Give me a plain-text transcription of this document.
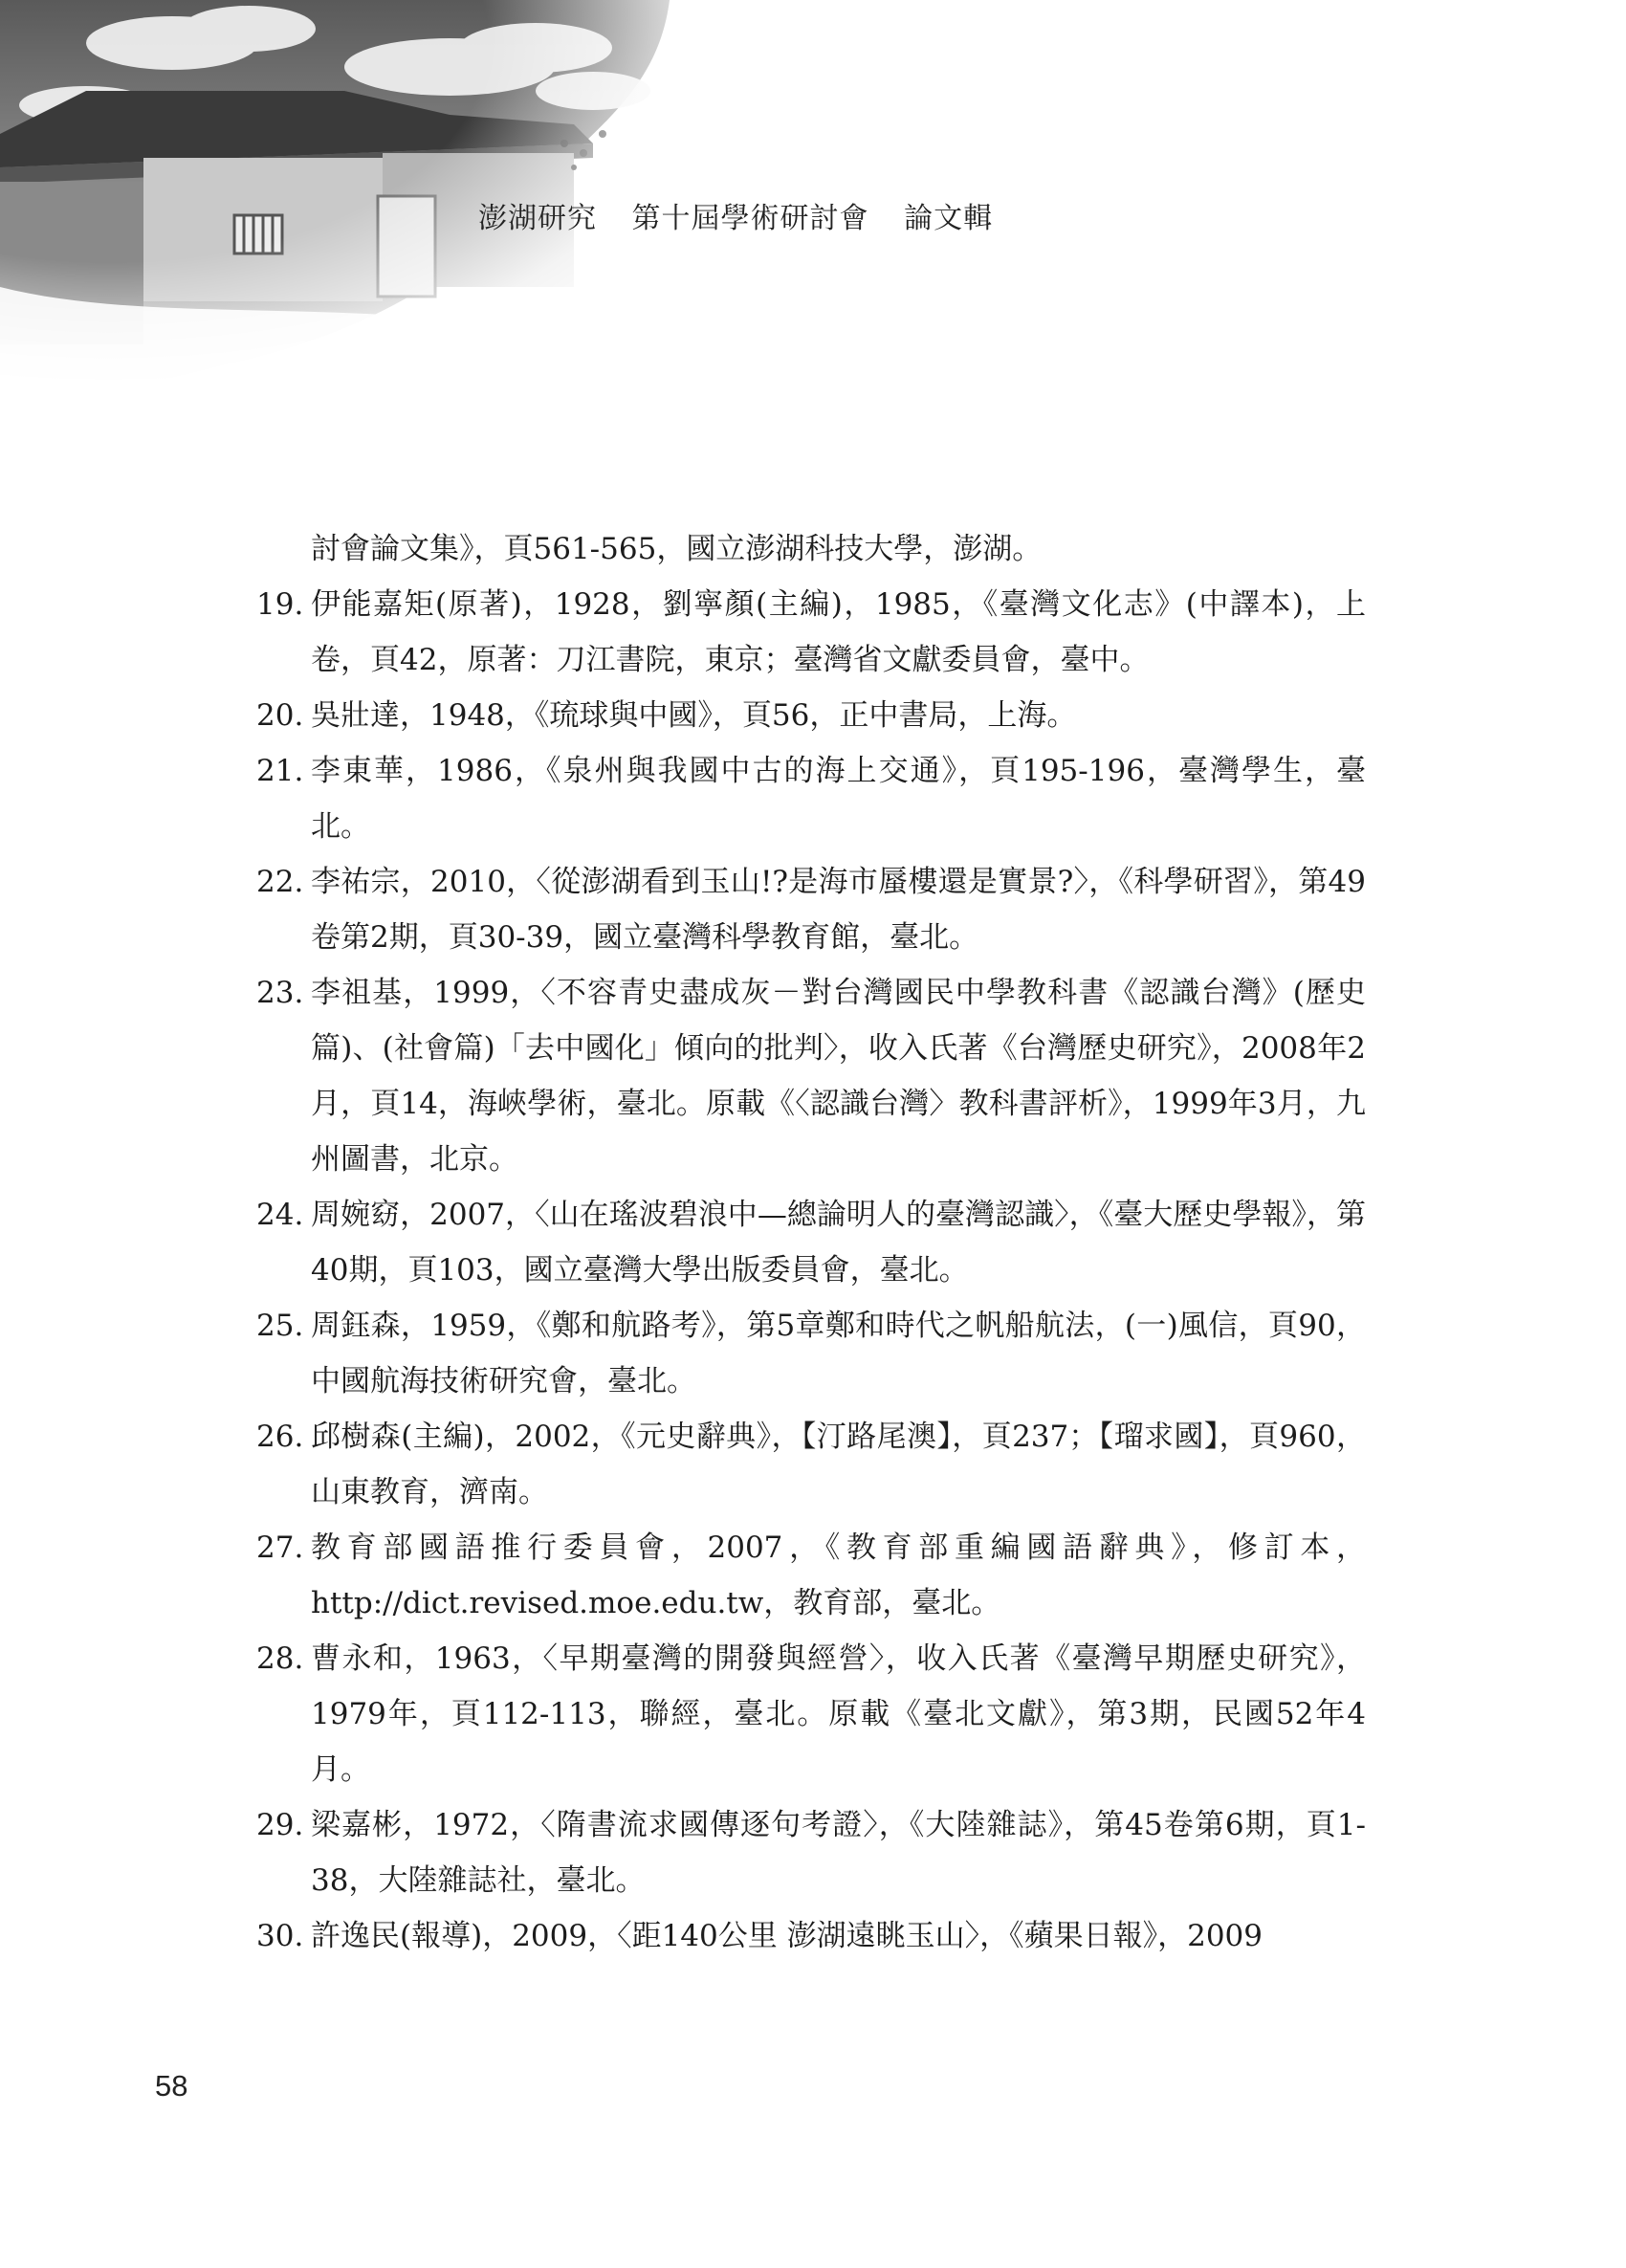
澎湖研究 第十屆學術研討會 論文輯
討會論文集》，頁561-565，國立澎湖科技大學，澎湖。
19. 伊能嘉矩(原著)，1928，劉寧顏(主編)，1985，《臺灣文化志》(中譯本)，上卷，頁42，原著：刀江書院，東京；臺灣省文獻委員會，臺中。
20. 吳壯達，1948，《琉球與中國》，頁56，正中書局，上海。
21. 李東華，1986，《泉州與我國中古的海上交通》，頁195-196，臺灣學生，臺北。
22. 李祐宗，2010，〈從澎湖看到玉山!?是海市蜃樓還是實景?〉，《科學研習》，第49卷第2期，頁30-39，國立臺灣科學教育館，臺北。
23. 李祖基，1999，〈不容青史盡成灰－對台灣國民中學教科書《認識台灣》(歷史篇)、(社會篇)「去中國化」傾向的批判〉，收入氏著《台灣歷史研究》，2008年2月，頁14，海峽學術，臺北。原載《〈認識台灣〉教科書評析》，1999年3月，九州圖書，北京。
24. 周婉窈，2007，〈山在瑤波碧浪中—總論明人的臺灣認識〉，《臺大歷史學報》，第40期，頁103，國立臺灣大學出版委員會，臺北。
25. 周鈺森，1959，《鄭和航路考》，第5章鄭和時代之帆船航法，(一)風信，頁90，中國航海技術研究會，臺北。
26. 邱樹森(主編)，2002，《元史辭典》，【汀路尾澳】，頁237；【瑠求國】，頁960，山東教育，濟南。
27. 教育部國語推行委員會，2007，《教育部重編國語辭典》，修訂本，http://dict.revised.moe.edu.tw，教育部，臺北。
28. 曹永和，1963，〈早期臺灣的開發與經營〉，收入氏著《臺灣早期歷史研究》，1979年，頁112-113，聯經，臺北。原載《臺北文獻》，第3期，民國52年4月。
29. 梁嘉彬，1972，〈隋書流求國傳逐句考證〉，《大陸雜誌》，第45卷第6期，頁1-38，大陸雜誌社，臺北。
30. 許逸民(報導)，2009，〈距140公里 澎湖遠眺玉山〉，《蘋果日報》，2009
58
